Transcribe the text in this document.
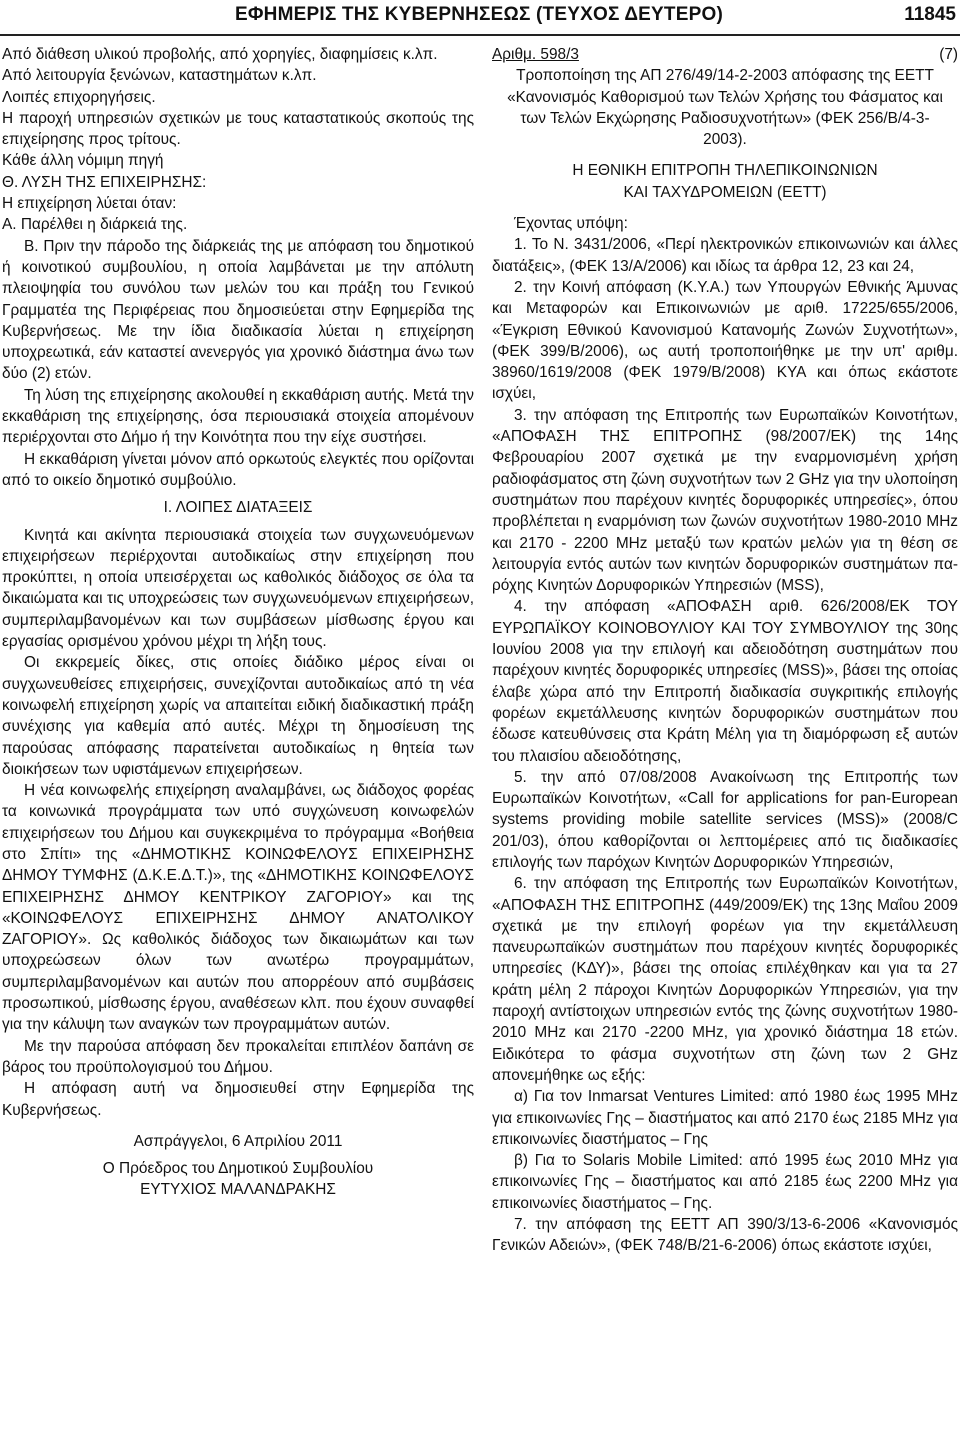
ΕΦΗΜΕΡΙΣ ΤΗΣ ΚΥΒΕΡΝΗΣΕΩΣ (ΤΕΥΧΟΣ ΔΕΥΤΕΡΟ)	11845

Από διάθεση υλικού προβολής, από χορηγίες, διαφημίσεις κ.λπ.

Από λειτουργία ξενώνων, καταστημάτων κ.λπ.

Λοιπές επιχορηγήσεις.

Η παροχή υπηρεσιών σχετικών με τους καταστατικούς σκοπούς της επιχείρησης προς τρίτους.

Κάθε άλλη νόμιμη πηγή

Θ. ΛΥΣΗ ΤΗΣ ΕΠΙΧΕΙΡΗΣΗΣ:

Η επιχείρηση λύεται όταν:

Α. Παρέλθει η διάρκειά της.

Β. Πριν την πάροδο της διάρκειάς της με απόφαση του δημοτικού ή κοινοτικού συμβουλίου, η οποία λαμβάνεται με την απόλυτη πλειοψηφία του συνόλου των μελών του και πράξη του Γενικού Γραμματέα της Περιφέρειας που δημοσιεύεται στην Εφημερίδα της Κυβερνήσεως. Με την ίδια διαδικασία λύεται η επιχείρηση υποχρεωτικά, εάν καταστεί ανενεργός για χρονικό διάστημα άνω των δύο (2) ετών.

Τη λύση της επιχείρησης ακολουθεί η εκκαθάριση αυτής. Μετά την εκκαθάριση της επιχείρησης, όσα περιουσιακά στοιχεία απομένουν περιέρχονται στο Δήμο ή την Κοινότητα που την είχε συστήσει.

Η εκκαθάριση γίνεται μόνον από ορκωτούς ελεγκτές που ορίζονται από το οικείο δημοτικό συμβούλιο.

Ι. ΛΟΙΠΕΣ ΔΙΑΤΑΞΕΙΣ

Κινητά και ακίνητα περιουσιακά στοιχεία των συγχωνευόμενων επιχειρήσεων περιέρχονται αυτοδικαίως στην επιχείρηση που προκύπτει, η οποία υπεισέρχεται ως καθολικός διάδοχος σε όλα τα δικαιώματα και τις υποχρεώσεις των συγχωνευόμενων επιχειρήσεων, συμπεριλαμβανομένων και των συμβάσεων μίσθωσης έργου και εργασίας ορισμένου χρόνου μέχρι τη λήξη τους.

Οι εκκρεμείς δίκες, στις οποίες διάδικο μέρος είναι οι συγχωνευθείσες επιχειρήσεις, συνεχίζονται αυτοδικαίως από τη νέα κοινωφελή επιχείρηση χωρίς να απαιτείται ειδική διαδικαστική πράξη συνέχισης για καθεμία από αυτές. Μέχρι τη δημοσίευση της παρούσας απόφασης παρατείνεται αυτοδικαίως η θητεία των διοικήσεων των υφιστάμενων επιχειρήσεων.

Η νέα κοινωφελής επιχείρηση αναλαμβάνει, ως διάδοχος φορέας τα κοινωνικά προγράμματα των υπό συγχώνευση κοινωφελών επιχειρήσεων του Δήμου και συγκεκριμένα το πρόγραμμα «Βοήθεια στο Σπίτι» της «ΔΗΜΟΤΙΚΗΣ ΚΟΙΝΩΦΕΛΟΥΣ ΕΠΙΧΕΙΡΗΣΗΣ ΔΗΜΟΥ ΤΥΜΦΗΣ (Δ.Κ.Ε.Δ.Τ.)», της «ΔΗΜΟΤΙΚΗΣ ΚΟΙΝΩΦΕΛΟΥΣ ΕΠΙΧΕΙΡΗΣΗΣ ΔΗΜΟΥ ΚΕΝΤΡΙΚΟΥ ΖΑΓΟΡΙΟΥ» και της «ΚΟΙΝΩΦΕΛΟΥΣ ΕΠΙΧΕΙΡΗΣΗΣ ΔΗΜΟΥ ΑΝΑΤΟΛΙΚΟΥ ΖΑΓΟΡΙΟΥ». Ως καθολικός διάδοχος των δικαιωμάτων και των υποχρεώσεων όλων των ανωτέρω προγραμμάτων, συμπεριλαμβανομένων και αυτών που απορρέουν από συμβάσεις προσωπικού, μίσθωσης έργου, αναθέσεων κλπ. που έχουν συναφθεί για την κάλυψη των αναγκών των προγραμμάτων αυτών.

Με την παρούσα απόφαση δεν προκαλείται επιπλέον δαπάνη σε βάρος του προϋπολογισμού του Δήμου.

Η απόφαση αυτή να δημοσιευθεί στην Εφημερίδα της Κυβερνήσεως.

Ασπράγγελοι, 6 Απριλίου 2011

Ο Πρόεδρος του Δημοτικού Συμβουλίου

ΕΥΤΥΧΙΟΣ ΜΑΛΑΝΔΡΑΚΗΣ

Αριθμ. 598/3	(7)

Τροποποίηση της ΑΠ 276/49/14-2-2003 απόφασης της ΕΕΤΤ «Κανονισμός Καθορισμού των Τελών Χρήσης του Φάσματος και των Τελών Εκχώρησης Ραδιοσυχνοτήτων» (ΦΕΚ 256/Β/4-3-2003).

Η ΕΘΝΙΚΗ ΕΠΙΤΡΟΠΗ ΤΗΛΕΠΙΚΟΙΝΩΝΙΩΝ

ΚΑΙ ΤΑΧΥΔΡΟΜΕΙΩΝ (ΕΕΤΤ)

Έχοντας υπόψη:

1. Το Ν. 3431/2006, «Περί ηλεκτρονικών επικοινωνιών και άλλες διατάξεις», (ΦΕΚ 13/Α/2006) και ιδίως τα άρθρα 12, 23 και 24,

2. την Κοινή απόφαση (Κ.Υ.Α.) των Υπουργών Εθνικής Άμυνας και Μεταφορών και Επικοινωνιών με αριθ. 17225/655/2006, «Έγκριση Εθνικού Κανονισμού Κατανομής Ζωνών Συχνοτήτων», (ΦΕΚ 399/Β/2006), ως αυτή τροποποιήθηκε με την υπ' αριθμ. 38960/1619/2008 (ΦΕΚ 1979/Β/2008) ΚΥΑ και όπως εκάστοτε ισχύει,

3. την απόφαση της Επιτροπής των Ευρωπαϊκών Κοινοτήτων, «ΑΠΟΦΑΣΗ ΤΗΣ ΕΠΙΤΡΟΠΗΣ (98/2007/ΕΚ) της 14ης Φεβρουαρίου 2007 σχετικά με την εναρμονισμένη χρήση ραδιοφάσματος στη ζώνη συχνοτήτων των 2 GHz για την υλοποίηση συστημάτων που παρέχουν κινητές δορυφορικές υπηρεσίες», όπου προβλέπεται η εναρμόνιση των ζωνών συχνοτήτων 1980-2010 MHz και 2170 - 2200 MHz μεταξύ των κρατών μελών για τη θέση σε λειτουργία εντός αυτών των κινητών δορυφορικών συστημάτων παρόχης Κινητών Δορυφορικών Υπηρεσιών (MSS),

4. την απόφαση «ΑΠΟΦΑΣΗ αριθ. 626/2008/ΕΚ ΤΟΥ ΕΥΡΩΠΑΪΚΟΥ ΚΟΙΝΟΒΟΥΛΙΟΥ ΚΑΙ ΤΟΥ ΣΥΜΒΟΥΛΙΟΥ της 30ης Ιουνίου 2008 για την επιλογή και αδειοδότηση συστημάτων που παρέχουν κινητές δορυφορικές υπηρεσίες (MSS)», βάσει της οποίας έλαβε χώρα από την Επιτροπή διαδικασία συγκριτικής επιλογής φορέων εκμετάλλευσης κινητών δορυφορικών συστημάτων που έδωσε κατευθύνσεις στα Κράτη Μέλη για τη διαμόρφωση εξ αυτών του πλαισίου αδειοδότησης,

5. την από 07/08/2008 Ανακοίνωση της Επιτροπής των Ευρωπαϊκών Κοινοτήτων, «Call for applications for pan-European systems providing mobile satellite services (MSS)» (2008/C 201/03), όπου καθορίζονται οι λεπτομέρειες από τις διαδικασίες επιλογής των παρόχων Κινητών Δορυφορικών Υπηρεσιών,

6. την απόφαση της Επιτροπής των Ευρωπαϊκών Κοινοτήτων, «ΑΠΟΦΑΣΗ ΤΗΣ ΕΠΙΤΡΟΠΗΣ (449/2009/ΕΚ) της 13ης Μαΐου 2009 σχετικά με την επιλογή φορέων για την εκμετάλλευση πανευρωπαϊκών συστημάτων που παρέχουν κινητές δορυφορικές υπηρεσίες (ΚΔΥ)», βάσει της οποίας επιλέχθηκαν και για τα 27 κράτη μέλη 2 πάροχοι Κινητών Δορυφορικών Υπηρεσιών, για την παροχή αντίστοιχων υπηρεσιών εντός της ζώνης συχνοτήτων 1980-2010 MHz και 2170 -2200 MHz, για χρονικό διάστημα 18 ετών. Ειδικότερα το φάσμα συχνοτήτων στη ζώνη των 2 GHz απονεμήθηκε ως εξής:

α) Για τον Inmarsat Ventures Limited: από 1980 έως 1995 MHz για επικοινωνίες Γης – διαστήματος και από 2170 έως 2185 MHz για επικοινωνίες διαστήματος – Γης

β) Για το Solaris Mobile Limited: από 1995 έως 2010 MHz για επικοινωνίες Γης – διαστήματος και από 2185 έως 2200 MHz για επικοινωνίες διαστήματος – Γης.

7. την απόφαση της ΕΕΤΤ ΑΠ 390/3/13-6-2006 «Κανονισμός Γενικών Αδειών», (ΦΕΚ 748/Β/21-6-2006) όπως εκάστοτε ισχύει,
